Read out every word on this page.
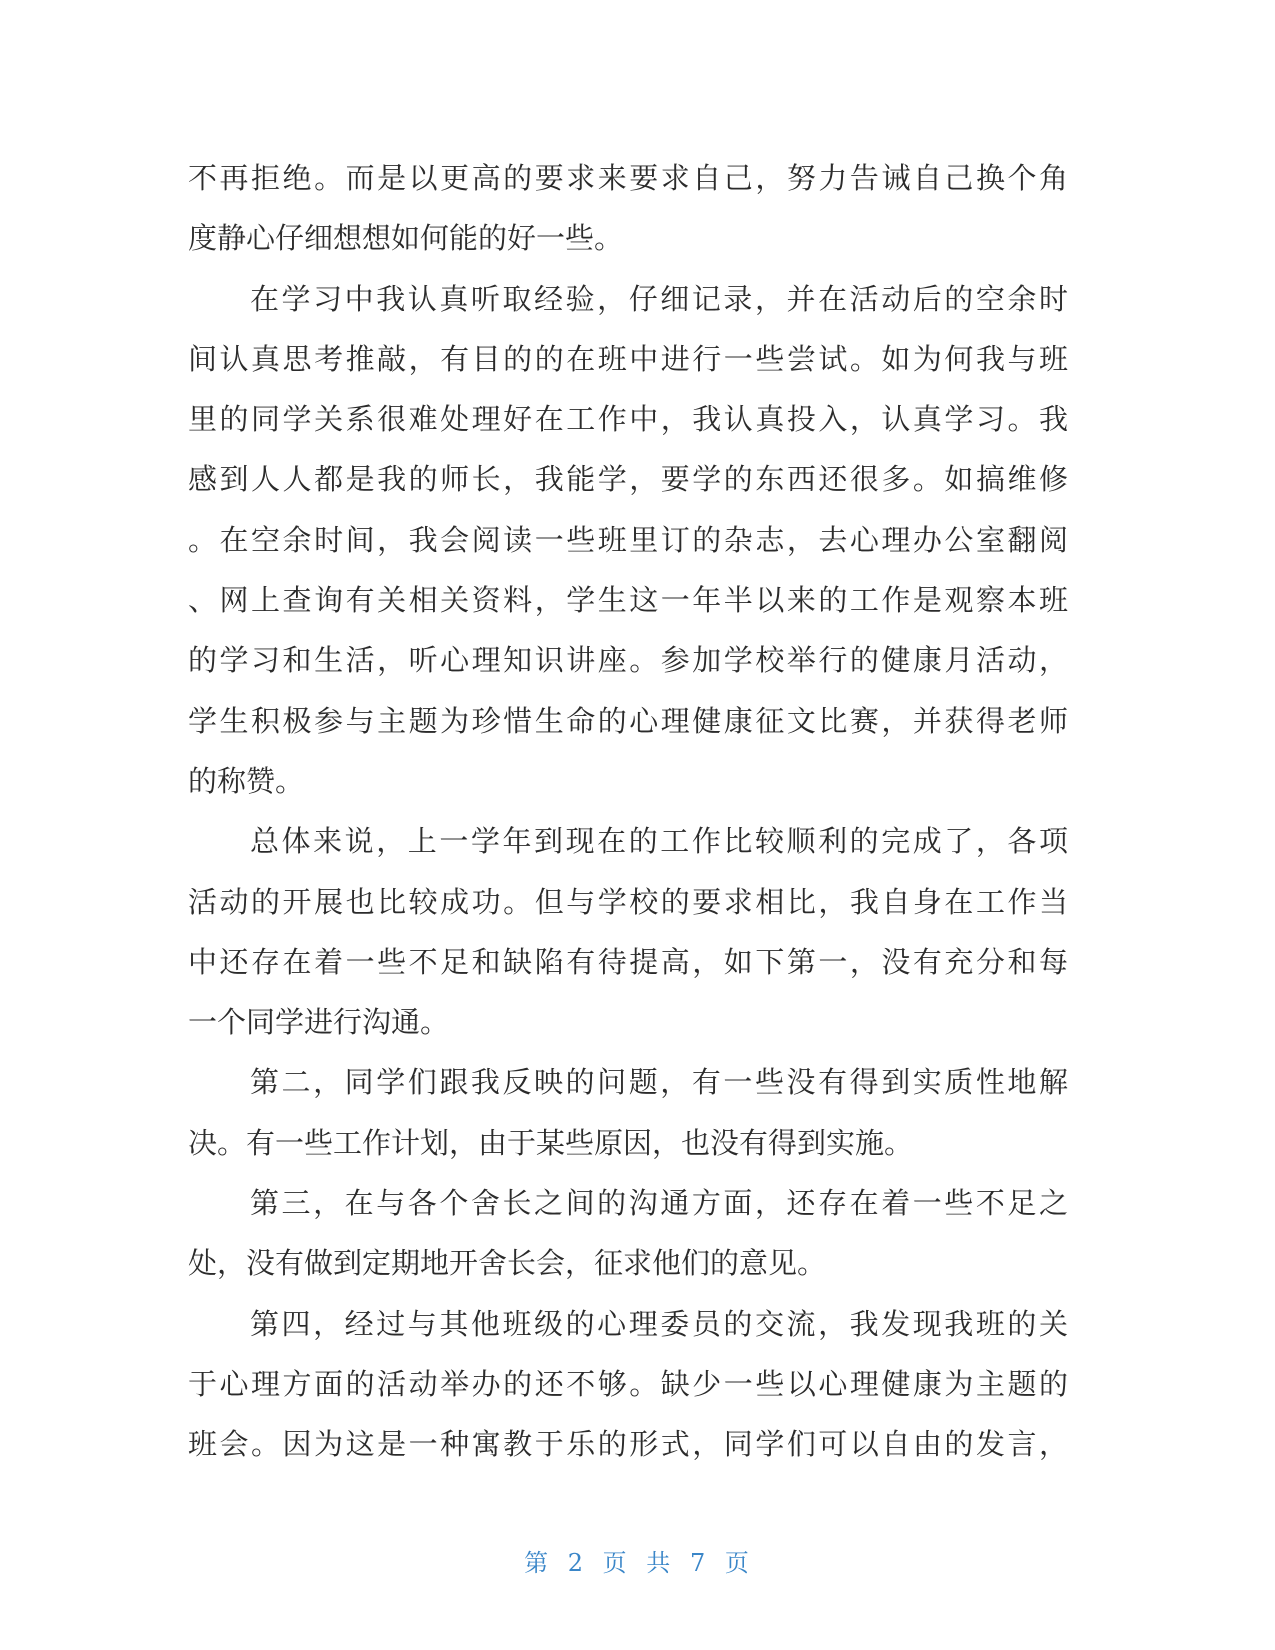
不再拒绝。而是以更高的要求来要求自己，努力告诫自己换个角
度静心仔细想想如何能的好一些。
在学习中我认真听取经验，仔细记录，并在活动后的空余时
间认真思考推敲，有目的的在班中进行一些尝试。如为何我与班
里的同学关系很难处理好在工作中，我认真投入，认真学习。我
感到人人都是我的师长，我能学，要学的东西还很多。如搞维修
。在空余时间，我会阅读一些班里订的杂志，去心理办公室翻阅
、网上查询有关相关资料，学生这一年半以来的工作是观察本班
的学习和生活，听心理知识讲座。参加学校举行的健康月活动，
学生积极参与主题为珍惜生命的心理健康征文比赛，并获得老师
的称赞。
总体来说，上一学年到现在的工作比较顺利的完成了，各项
活动的开展也比较成功。但与学校的要求相比，我自身在工作当
中还存在着一些不足和缺陷有待提高，如下第一，没有充分和每
一个同学进行沟通。
第二，同学们跟我反映的问题，有一些没有得到实质性地解
决。有一些工作计划，由于某些原因，也没有得到实施。
第三，在与各个舍长之间的沟通方面，还存在着一些不足之
处，没有做到定期地开舍长会，征求他们的意见。
第四，经过与其他班级的心理委员的交流，我发现我班的关
于心理方面的活动举办的还不够。缺少一些以心理健康为主题的
班会。因为这是一种寓教于乐的形式，同学们可以自由的发言，
第 2 页 共 7 页
